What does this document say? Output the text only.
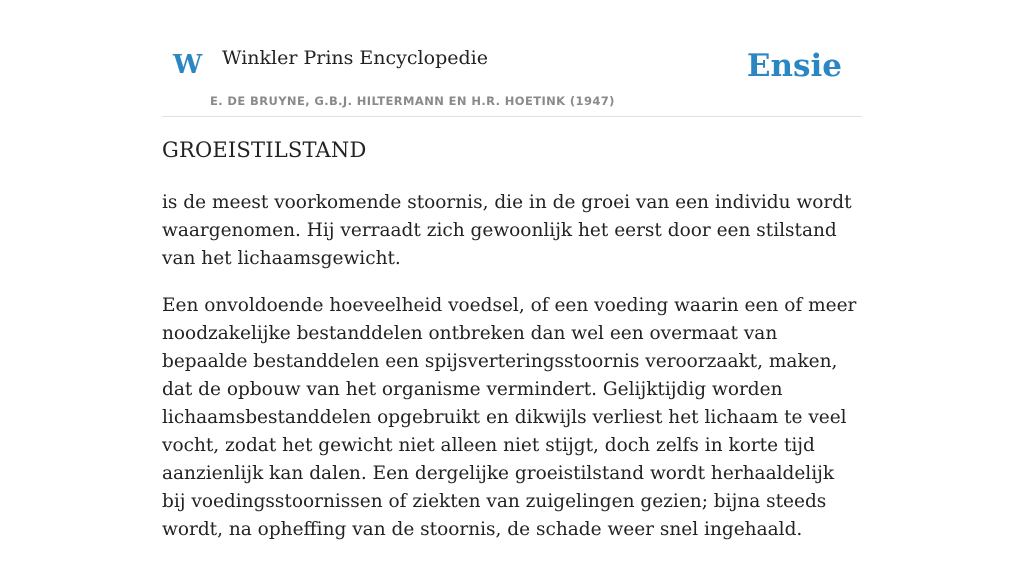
W Winkler Prins Encyclopedie
E. DE BRUYNE, G.B.J. HILTERMANN EN H.R. HOETINK (1947)
Ensie
GROEISTILSTAND

is de meest voorkomende stoornis, die in de groei van een individu wordt waargenomen. Hij verraadt zich gewoonlijk het eerst door een stilstand van het lichaamsgewicht.

Een onvoldoende hoeveelheid voedsel, of een voeding waarin een of meer noodzakelijke bestanddelen ontbreken dan wel een overmaat van bepaalde bestanddelen een spijsverteringsstoornis veroorzaakt, maken, dat de opbouw van het organisme vermindert. Gelijktijdig worden lichaamsbestanddelen opgebruikt en dikwijls verliest het lichaam te veel vocht, zodat het gewicht niet alleen niet stijgt, doch zelfs in korte tijd aanzienlijk kan dalen. Een dergelijke groeistilstand wordt herhaaldelijk bij voedingsstoornissen of ziekten van zuigelingen gezien; bijna steeds wordt, na opheffing van de stoornis, de schade weer snel ingehaald.
